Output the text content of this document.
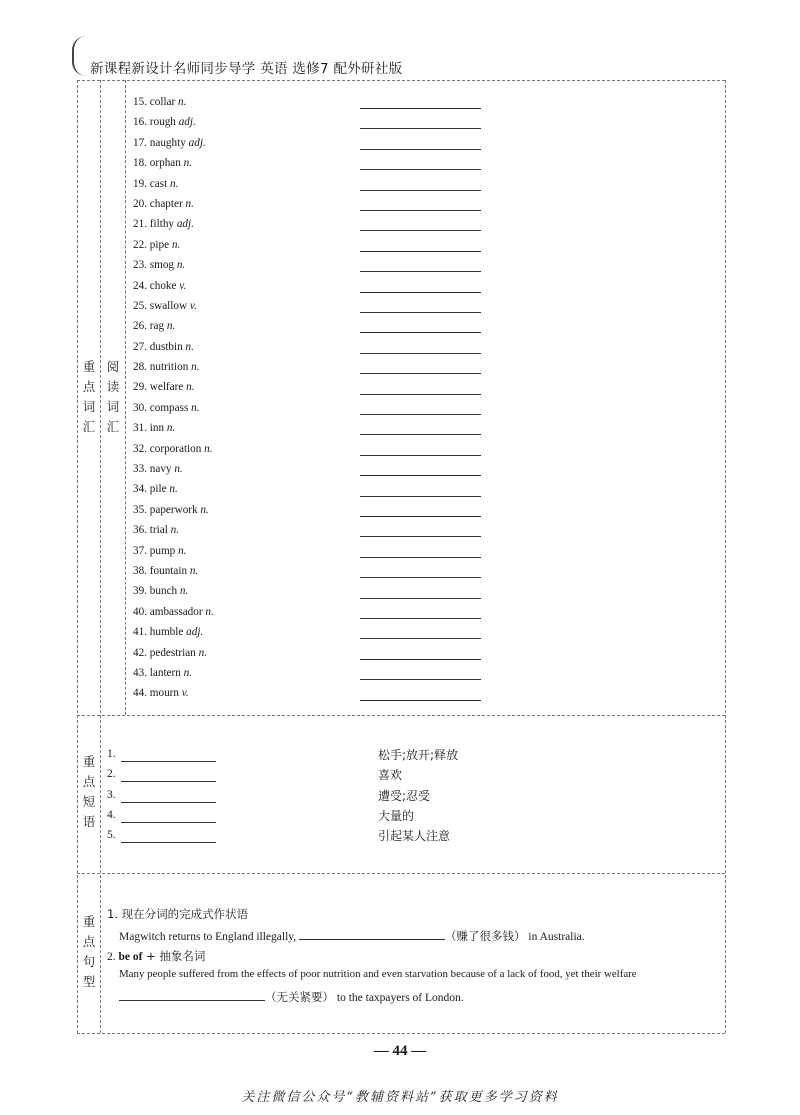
新课程新设计名师同步导学 英语 选修7 配外研社版
重
点
词
汇
阅
读
词
汇
重
点
短
语
重
点
句
型
15. collar n.
16. rough adj.
17. naughty adj.
18. orphan n.
19. cast n.
20. chapter n.
21. filthy adj.
22. pipe n.
23. smog n.
24. choke v.
25. swallow v.
26. rag n.
27. dustbin n.
28. nutrition n.
29. welfare n.
30. compass n.
31. inn n.
32. corporation n.
33. navy n.
34. pile n.
35. paperwork n.
36. trial n.
37. pump n.
38. fountain n.
39. bunch n.
40. ambassador n.
41. humble adj.
42. pedestrian n.
43. lantern n.
44. mourn v.
1.	松手;放开;释放
2.	喜欢
3.	遭受;忍受
4.	大量的
5.	引起某人注意
1. 现在分词的完成式作状语
Magwitch returns to England illegally,	（赚了很多钱） in Australia.
2. be of + 抽象名词
Many people suffered from the effects of poor nutrition and even starvation because of a lack of food, yet their welfare
（无关紧要） to the taxpayers of London.
— 44 —
关注微信公众号“教辅资料站”获取更多学习资料
